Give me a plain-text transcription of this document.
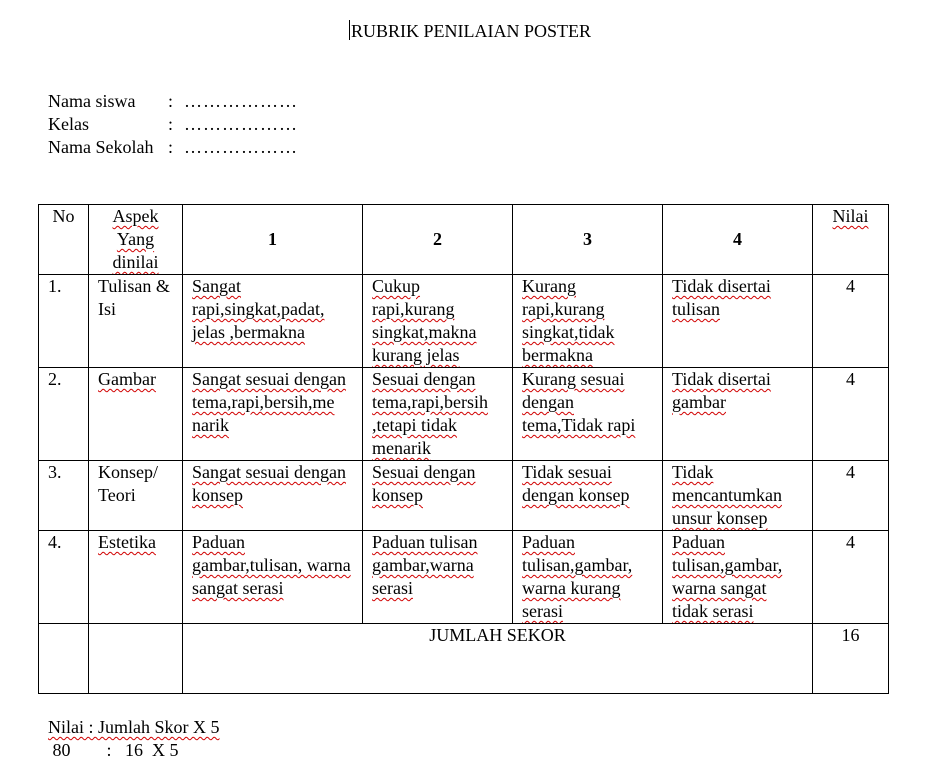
RUBRIK PENILAIAN POSTER
Nama siswa	: ………………
Kelas	: ………………
Nama Sekolah : ………………
No	Aspek Yang dinilai	1	2	3	4	Nilai
1.	Tulisan & Isi	Sangat rapi,singkat,padat, jelas ,bermakna	Cukup rapi,kurang singkat,makna kurang jelas	Kurang rapi,kurang singkat,tidak bermakna	Tidak disertai tulisan	4
2.	Gambar	Sangat sesuai dengan tema,rapi,bersih,me narik	Sesuai dengan tema,rapi,bersih ,tetapi tidak menarik	Kurang sesuai dengan tema,Tidak rapi	Tidak disertai gambar	4
3.	Konsep/ Teori	Sangat sesuai dengan konsep	Sesuai dengan konsep	Tidak sesuai dengan konsep	Tidak mencantumkan unsur konsep	4
4.	Estetika	Paduan gambar,tulisan, warna sangat serasi	Paduan tulisan gambar,warna serasi	Paduan tulisan,gambar, warna kurang serasi	Paduan tulisan,gambar, warna sangat tidak serasi	4
		JUMLAH SEKOR				16
Nilai : Jumlah Skor X 5
80        :   16  X 5
